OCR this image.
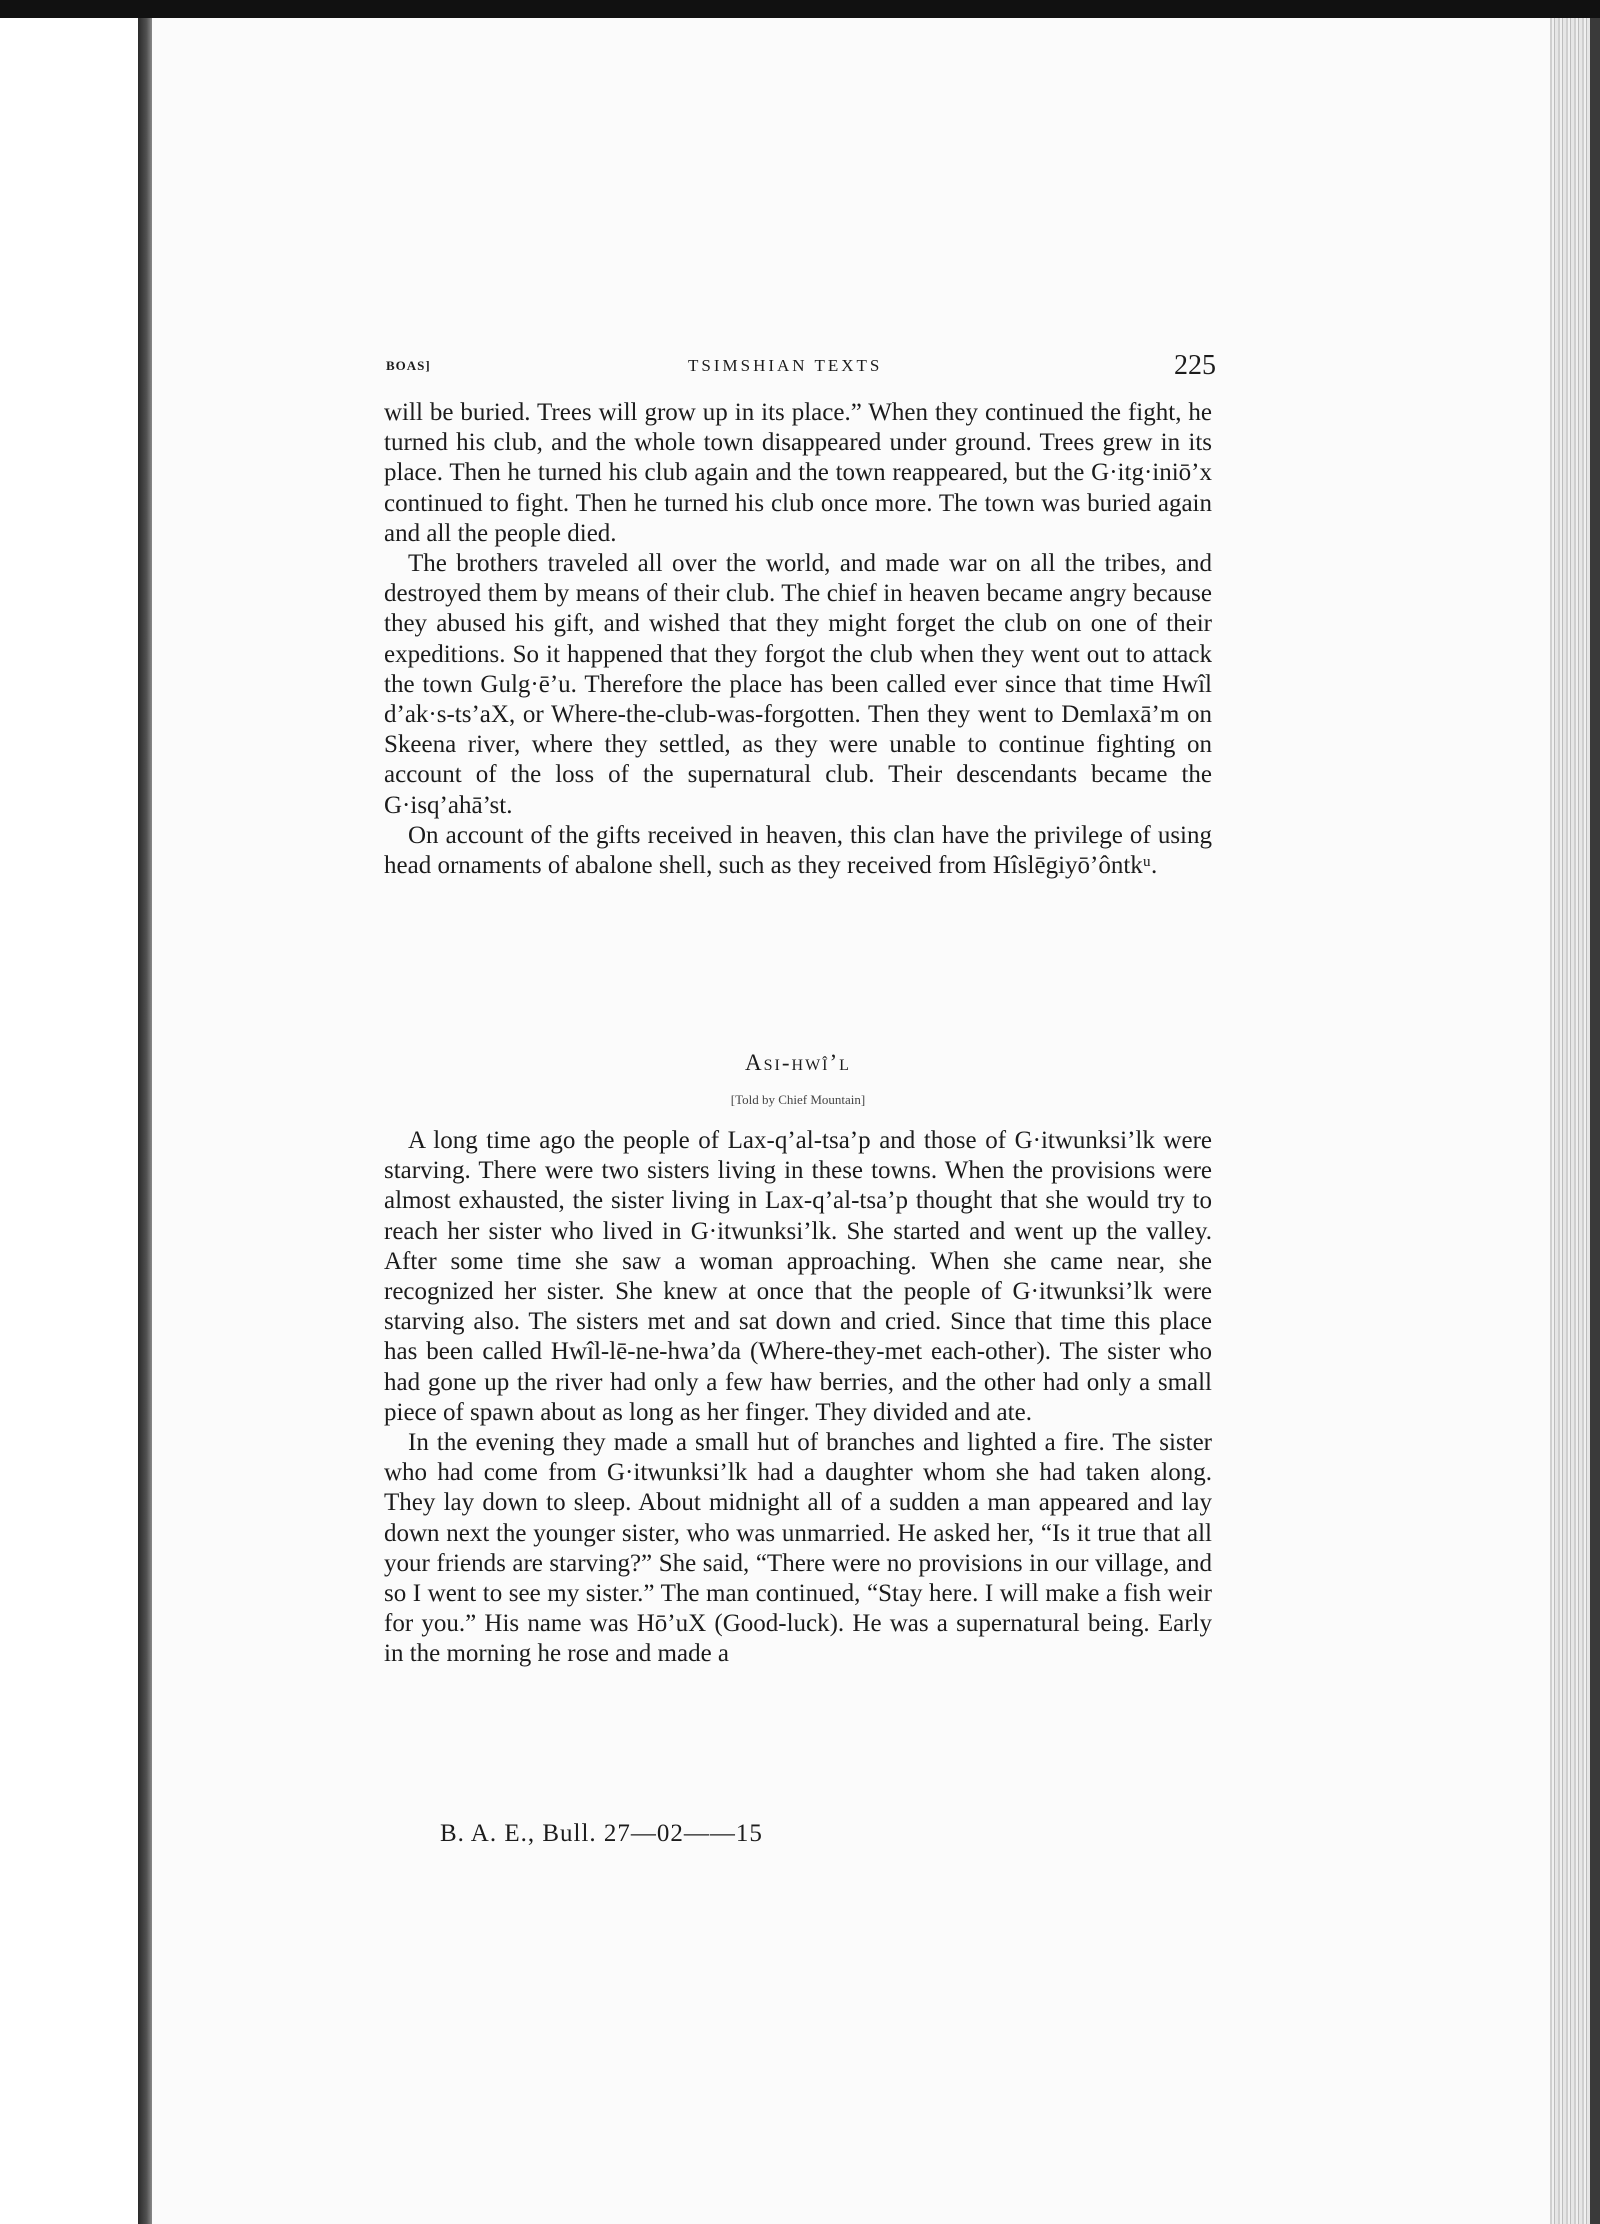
BOAS]	TSIMSHIAN TEXTS	225

will be buried. Trees will grow up in its place.” When they continued the fight, he turned his club, and the whole town disappeared under ground. Trees grew in its place. Then he turned his club again and the town reappeared, but the G·itg·iniō’x continued to fight. Then he turned his club once more. The town was buried again and all the people died.

The brothers traveled all over the world, and made war on all the tribes, and destroyed them by means of their club. The chief in heaven became angry because they abused his gift, and wished that they might forget the club on one of their expeditions. So it happened that they forgot the club when they went out to attack the town Gulg·ē’u. Therefore the place has been called ever since that time Hwîl d’ak·s-ts’aX, or Where-the-club-was-forgotten. Then they went to Demlaxā’m on Skeena river, where they settled, as they were unable to continue fighting on account of the loss of the supernatural club. Their descendants became the G·isq’ahā’st.

On account of the gifts received in heaven, this clan have the privilege of using head ornaments of abalone shell, such as they received from Hîslēgiyō’ôntkᵘ.

Asi-hwî’l
[Told by Chief Mountain]

A long time ago the people of Lax-q’al-tsa’p and those of G·itwunksi’lk were starving. There were two sisters living in these towns. When the provisions were almost exhausted, the sister living in Lax-q’al-tsa’p thought that she would try to reach her sister who lived in G·itwunksi’lk. She started and went up the valley. After some time she saw a woman approaching. When she came near, she recognized her sister. She knew at once that the people of G·itwunksi’lk were starving also. The sisters met and sat down and cried. Since that time this place has been called Hwîl-lē-ne-hwa’da (Where-they-met each-other). The sister who had gone up the river had only a few haw berries, and the other had only a small piece of spawn about as long as her finger. They divided and ate.

In the evening they made a small hut of branches and lighted a fire. The sister who had come from G·itwunksi’lk had a daughter whom she had taken along. They lay down to sleep. About midnight all of a sudden a man appeared and lay down next the younger sister, who was unmarried. He asked her, “Is it true that all your friends are starving?” She said, “There were no provisions in our village, and so I went to see my sister.” The man continued, “Stay here. I will make a fish weir for you.” His name was Hō’uX (Good-luck). He was a supernatural being. Early in the morning he rose and made a

B. A. E., Bull. 27—02——15
